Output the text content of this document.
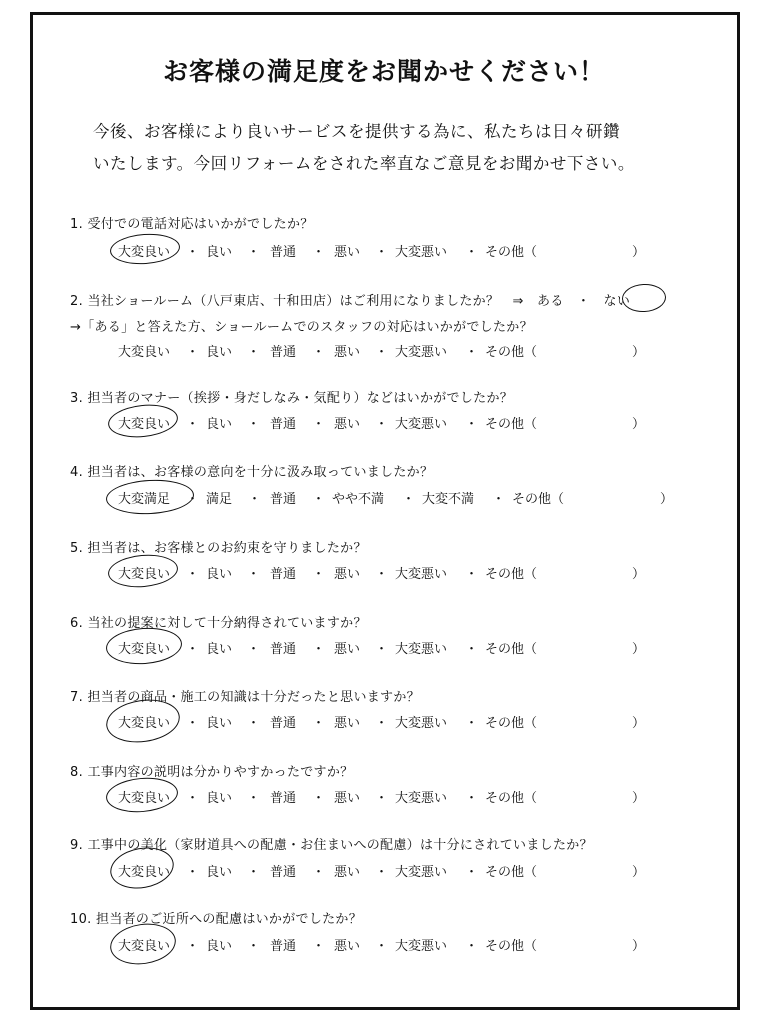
お客様の満足度をお聞かせください！
今後、お客様により良いサービスを提供する為に、私たちは日々研鑽
いたします。今回リフォームをされた率直なご意見をお聞かせ下さい。
1. 受付での電話対応はいかがでしたか？
大変良い ・ 良い ・ 普通 ・ 悪い ・ 大変悪い ・ その他（	）
2. 当社ショールーム（八戸東店、十和田店）はご利用になりましたか？　⇒　ある　・　ない
→「ある」と答えた方、ショールームでのスタッフの対応はいかがでしたか？
大変良い ・ 良い ・ 普通 ・ 悪い ・ 大変悪い ・ その他（	）
3. 担当者のマナー（挨拶・身だしなみ・気配り）などはいかがでしたか？
大変良い ・ 良い ・ 普通 ・ 悪い ・ 大変悪い ・ その他（	）
4. 担当者は、お客様の意向を十分に汲み取っていましたか？
大変満足 ・ 満足 ・ 普通 ・ やや不満 ・ 大変不満 ・ その他（	）
5. 担当者は、お客様とのお約束を守りましたか？
大変良い ・ 良い ・ 普通 ・ 悪い ・ 大変悪い ・ その他（	）
6. 当社の提案に対して十分納得されていますか？
大変良い ・ 良い ・ 普通 ・ 悪い ・ 大変悪い ・ その他（	）
7. 担当者の商品・施工の知識は十分だったと思いますか？
大変良い ・ 良い ・ 普通 ・ 悪い ・ 大変悪い ・ その他（	）
8. 工事内容の説明は分かりやすかったですか？
大変良い ・ 良い ・ 普通 ・ 悪い ・ 大変悪い ・ その他（	）
9. 工事中の美化（家財道具への配慮・お住まいへの配慮）は十分にされていましたか？
大変良い ・ 良い ・ 普通 ・ 悪い ・ 大変悪い ・ その他（	）
10. 担当者のご近所への配慮はいかがでしたか？
大変良い ・ 良い ・ 普通 ・ 悪い ・ 大変悪い ・ その他（	）
